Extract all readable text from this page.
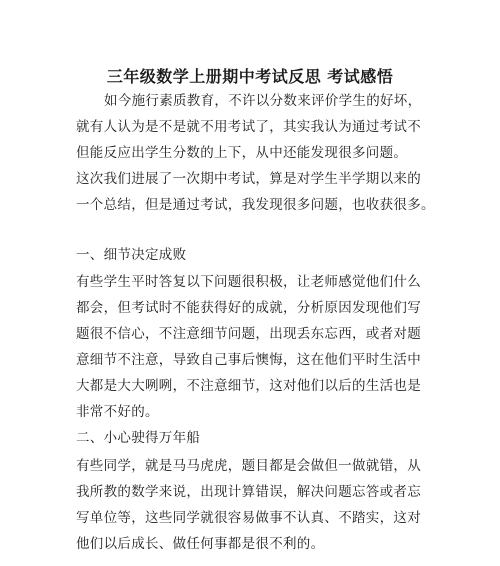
三年级数学上册期中考试反思 考试感悟
如今施行素质教育，不许以分数来评价学生的好坏，
就有人认为是不是就不用考试了，其实我认为通过考试不
但能反应出学生分数的上下，从中还能发现很多问题。
这次我们进展了一次期中考试，算是对学生半学期以来的
一个总结，但是通过考试，我发现很多问题，也收获很多。
一、细节决定成败
有些学生平时答复以下问题很积极，让老师感觉他们什么
都会，但考试时不能获得好的成就，分析原因发现他们写
题很不信心，不注意细节问题，出现丢东忘西，或者对题
意细节不注意，导致自己事后懊悔，这在他们平时生活中
大都是大大咧咧，不注意细节，这对他们以后的生活也是
非常不好的。
二、小心驶得万年船
有些同学，就是马马虎虎，题目都是会做但一做就错，从
我所教的数学来说，出现计算错误，解决问题忘答或者忘
写单位等，这些同学就很容易做事不认真、不踏实，这对
他们以后成长、做任何事都是很不利的。
